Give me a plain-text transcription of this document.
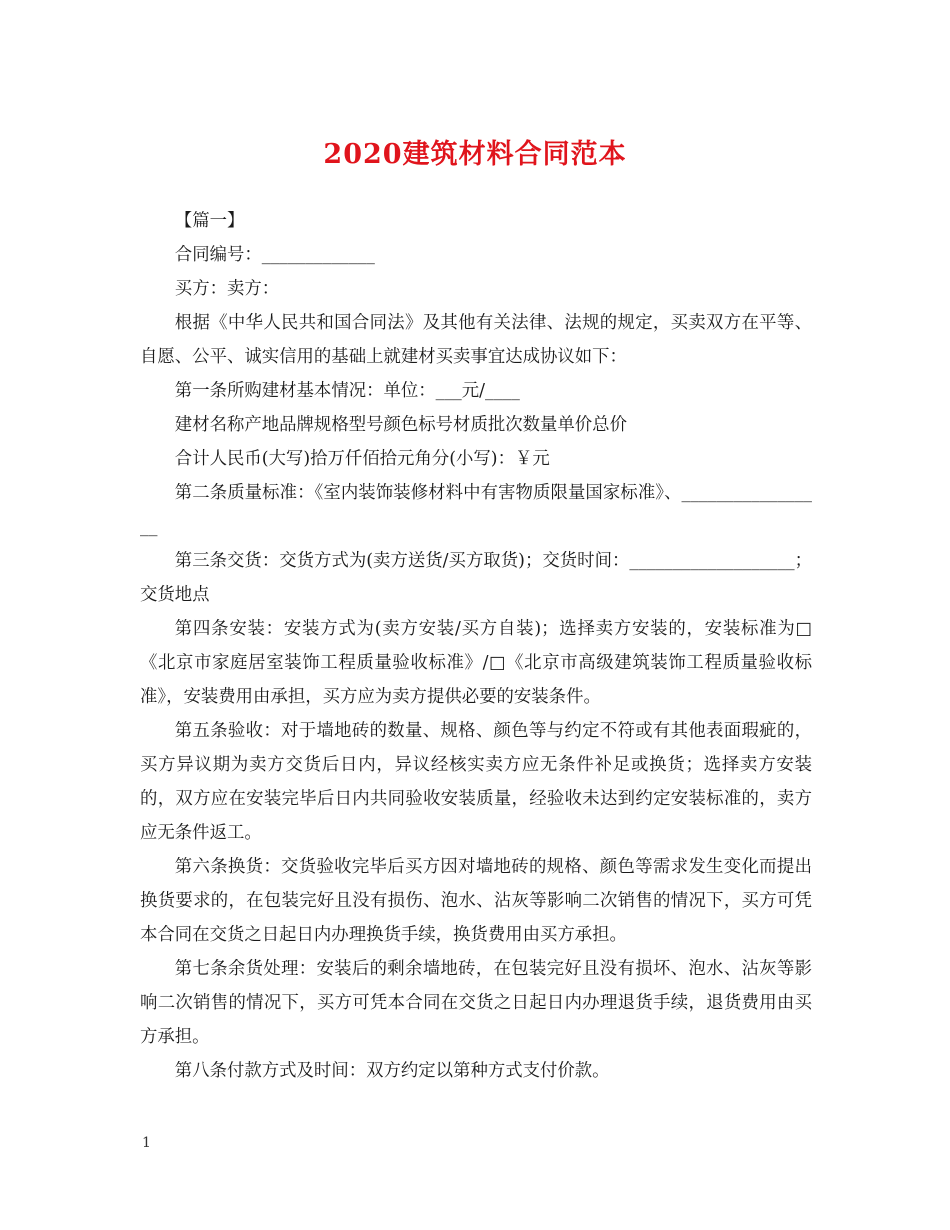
2020建筑材料合同范本

【篇一】

合同编号：_____________

买方：卖方：

根据《中华人民共和国合同法》及其他有关法律、法规的规定，买卖双方在平等、自愿、公平、诚实信用的基础上就建材买卖事宜达成协议如下：

第一条所购建材基本情况：单位：___元/____

建材名称产地品牌规格型号颜色标号材质批次数量单价总价

合计人民币(大写)拾万仟佰拾元角分(小写)：￥元

第二条质量标准：《室内装饰装修材料中有害物质限量国家标准》、_________________

第三条交货：交货方式为(卖方送货/买方取货)；交货时间：___________________；交货地点

第四条安装：安装方式为(卖方安装/买方自装)；选择卖方安装的，安装标准为□《北京市家庭居室装饰工程质量验收标准》/□《北京市高级建筑装饰工程质量验收标准》，安装费用由承担，买方应为卖方提供必要的安装条件。

第五条验收：对于墙地砖的数量、规格、颜色等与约定不符或有其他表面瑕疵的，买方异议期为卖方交货后日内，异议经核实卖方应无条件补足或换货；选择卖方安装的，双方应在安装完毕后日内共同验收安装质量，经验收未达到约定安装标准的，卖方应无条件返工。

第六条换货：交货验收完毕后买方因对墙地砖的规格、颜色等需求发生变化而提出换货要求的，在包装完好且没有损伤、泡水、沾灰等影响二次销售的情况下，买方可凭本合同在交货之日起日内办理换货手续，换货费用由买方承担。

第七条余货处理：安装后的剩余墙地砖，在包装完好且没有损坏、泡水、沾灰等影响二次销售的情况下，买方可凭本合同在交货之日起日内办理退货手续，退货费用由买方承担。

第八条付款方式及时间：双方约定以第种方式支付价款。

1
